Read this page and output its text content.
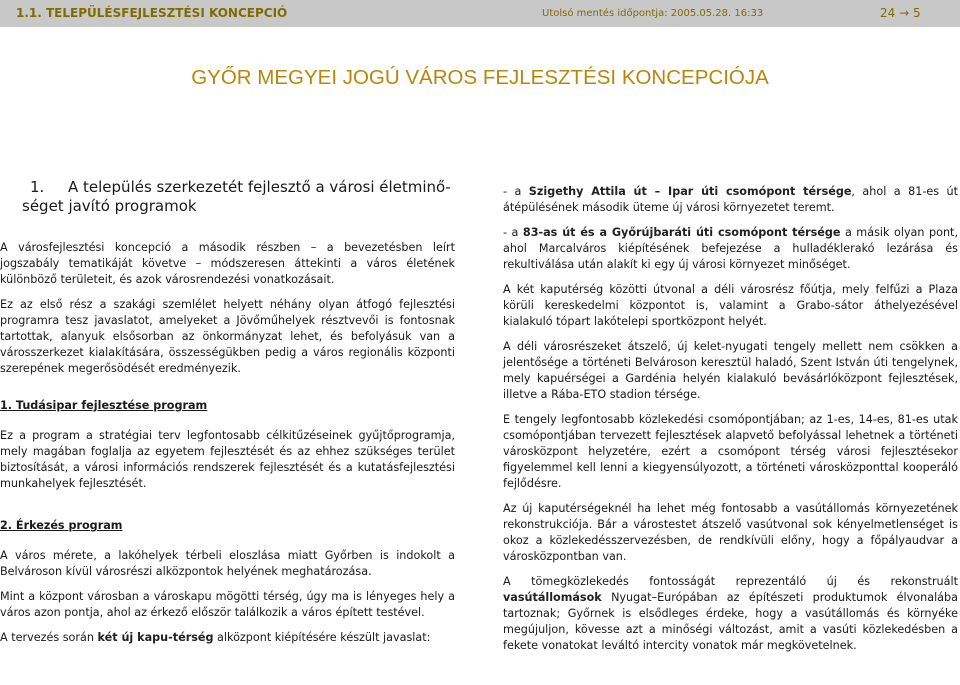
1.1. TELEPÜLÉSFEJLESZTÉSI KONCEPCIÓ	Utolsó mentés időpontja: 2005.05.28. 16:33	24 → 5
GYŐR MEGYEI JOGÚ VÁROS FEJLESZTÉSI KONCEPCIÓJA
1. A település szerkezetét fejlesztő a városi életminő-
séget javító programok

A városfejlesztési koncepció a második részben – a bevezetésben leírt jogszabály tematikáját követve – módszeresen áttekinti a város életének különböző területeit, és azok városrendezési vonatkozásait.

Ez az első rész a szakági szemlélet helyett néhány olyan átfogó fejlesztési programra tesz javaslatot, amelyeket a Jövőműhelyek résztvevői is fontosnak tartottak, alanyuk elsősorban az önkormányzat lehet, és befolyásuk van a városszerkezet kialakítására, összességükben pedig a város regionális központi szerepének megerősödését eredményezik.

1. Tudásipar fejlesztése program

Ez a program a stratégiai terv legfontosabb célkitűzéseinek gyűjtőprogramja, mely magában foglalja az egyetem fejlesztését és az ehhez szükséges terület biztosítását, a városi információs rendszerek fejlesztését és a kutatásfejlesztési munkahelyek fejlesztését.

2. Érkezés program

A város mérete, a lakóhelyek térbeli eloszlása miatt Győrben is indokolt a Belvároson kívül városrészi alközpontok helyének meghatározása.

Mint a központ városban a városkapu mögötti térség, úgy ma is lényeges hely a város azon pontja, ahol az érkező először találkozik a város épített testével.

A tervezés során két új kapu-térség alközpont kiépítésére készült javaslat:

- a Szigethy Attila út – Ipar úti csomópont térsége, ahol a 81-es út átépülésének második üteme új városi környezetet teremt.

- a 83-as út és a Győrújbaráti úti csomópont térsége a másik olyan pont, ahol Marcalváros kiépítésének befejezése a hulladéklerakó lezárása és rekultiválása után alakít ki egy új városi környezet minőséget.

A két kaputérség közötti útvonal a déli városrész főútja, mely felfűzi a Plaza körüli kereskedelmi központot is, valamint a Grabo-sátor áthelyezésével kialakuló tópart lakótelepi sportközpont helyét.

A déli városrészeket átszelő, új kelet-nyugati tengely mellett nem csökken a jelentősége a történeti Belvároson keresztül haladó, Szent István úti tengelynek, mely kapuérségei a Gardénia helyén kialakuló bevásárlóközpont fejlesztések, illetve a Rába-ETO stadion térsége.

E tengely legfontosabb közlekedési csomópontjában; az 1-es, 14-es, 81-es utak csomópontjában tervezett fejlesztések alapvető befolyással lehetnek a történeti városközpont helyzetére, ezért a csomópont térség városi fejlesztésekor figyelemmel kell lenni a kiegyensúlyozott, a történeti városközponttal kooperáló fejlődésre.

Az új kaputérségeknél ha lehet még fontosabb a vasútállomás környezetének rekonstrukciója. Bár a várostestet átszelő vasútvonal sok kényelmetlenséget is okoz a közlekedésszervezésben, de rendkívüli előny, hogy a főpályaudvar a városközpontban van.

A tömegközlekedés fontosságát reprezentáló új és rekonstruált vasútállomások Nyugat–Európában az építészeti produktumok élvonalába tartoznak; Győrnek is elsődleges érdeke, hogy a vasútállomás és környéke megújuljon, kövesse azt a minőségi változást, amit a vasúti közlekedésben a fekete vonatokat leváltó intercity vonatok már megkövetelnek.
